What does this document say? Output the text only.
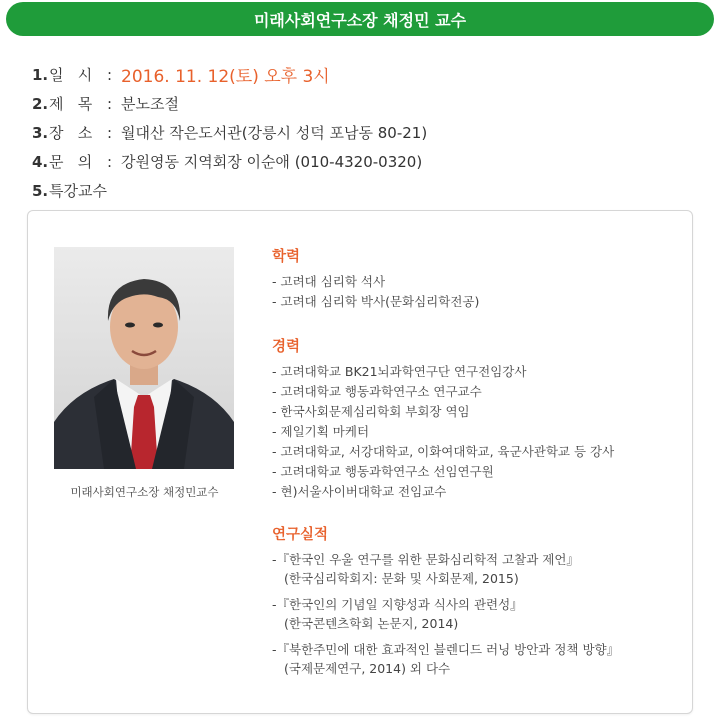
미래사회연구소장 채정민 교수
1. 일   시 : 2016. 11. 12(토) 오후 3시
2. 제   목 : 분노조절
3. 장   소 : 월대산 작은도서관(강릉시 성덕 포남동 80-21)
4. 문   의 : 강원영동 지역회장 이순애 (010-4320-0320)
5. 특강교수
미래사회연구소장 채정민교수
학력
- 고려대 심리학 석사
- 고려대 심리학 박사(문화심리학전공)
경력
- 고려대학교 BK21뇌과학연구단 연구전임강사
- 고려대학교 행동과학연구소 연구교수
- 한국사회문제심리학회 부회장 역임
- 제일기획 마케터
- 고려대학교, 서강대학교, 이화여대학교, 육군사관학교 등 강사
- 고려대학교 행동과학연구소 선임연구원
- 현)서울사이버대학교 전임교수
연구실적
-『한국인 우울 연구를 위한 문화심리학적 고찰과 제언』
(한국심리학회지: 문화 및 사회문제, 2015)
-『한국인의 기념일 지향성과 식사의 관련성』
(한국콘텐츠학회 논문지, 2014)
-『북한주민에 대한 효과적인 블렌디드 러닝 방안과 정책 방향』
(국제문제연구, 2014) 외 다수
